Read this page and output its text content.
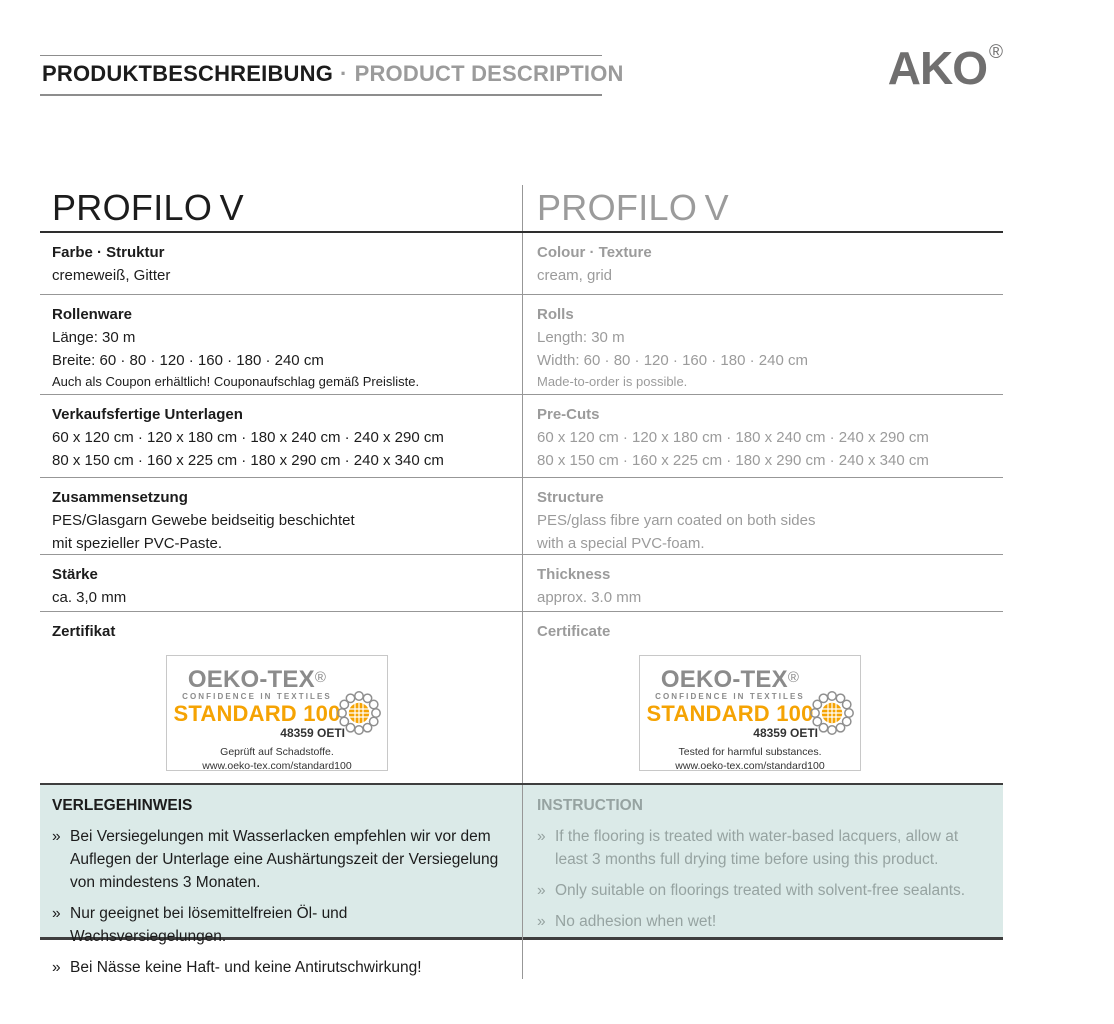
PRODUKTBESCHREIBUNG · PRODUCT DESCRIPTION	AKO ®
PROFILO V	PROFILO V
Farbe · Struktur
cremeweiß, Gitter
Colour · Texture
cream, grid
Rollenware
Länge: 30 m
Breite: 60 · 80 · 120 · 160 · 180 · 240 cm
Auch als Coupon erhältlich! Couponaufschlag gemäß Preisliste.
Rolls
Length: 30 m
Width: 60 · 80 · 120 · 160 · 180 · 240 cm
Made-to-order is possible.
Verkaufsfertige Unterlagen
60 x 120 cm · 120 x 180 cm · 180 x 240 cm · 240 x 290 cm
80 x 150 cm · 160 x 225 cm · 180 x 290 cm · 240 x 340 cm
Pre-Cuts
60 x 120 cm · 120 x 180 cm · 180 x 240 cm · 240 x 290 cm
80 x 150 cm · 160 x 225 cm · 180 x 290 cm · 240 x 340 cm
Zusammensetzung
PES/Glasgarn Gewebe beidseitig beschichtet
mit spezieller PVC-Paste.
Structure
PES/glass fibre yarn coated on both sides
with a special PVC-foam.
Stärke
ca. 3,0 mm
Thickness
approx. 3.0 mm
Zertifikat
OEKO-TEX®
CONFIDENCE IN TEXTILES
STANDARD 100
48359 OETI
Geprüft auf Schadstoffe.
www.oeko-tex.com/standard100
Certificate
OEKO-TEX®
CONFIDENCE IN TEXTILES
STANDARD 100
48359 OETI
Tested for harmful substances.
www.oeko-tex.com/standard100
VERLEGEHINWEIS
» Bei Versiegelungen mit Wasserlacken empfehlen wir vor dem Auflegen der Unterlage eine Aushärtungszeit der Versiegelung von mindestens 3 Monaten.
» Nur geeignet bei lösemittelfreien Öl- und Wachsversiegelungen.
» Bei Nässe keine Haft- und keine Antirutschwirkung!
INSTRUCTION
» If the flooring is treated with water-based lacquers, allow at least 3 months full drying time before using this product.
» Only suitable on floorings treated with solvent-free sealants.
» No adhesion when wet!
